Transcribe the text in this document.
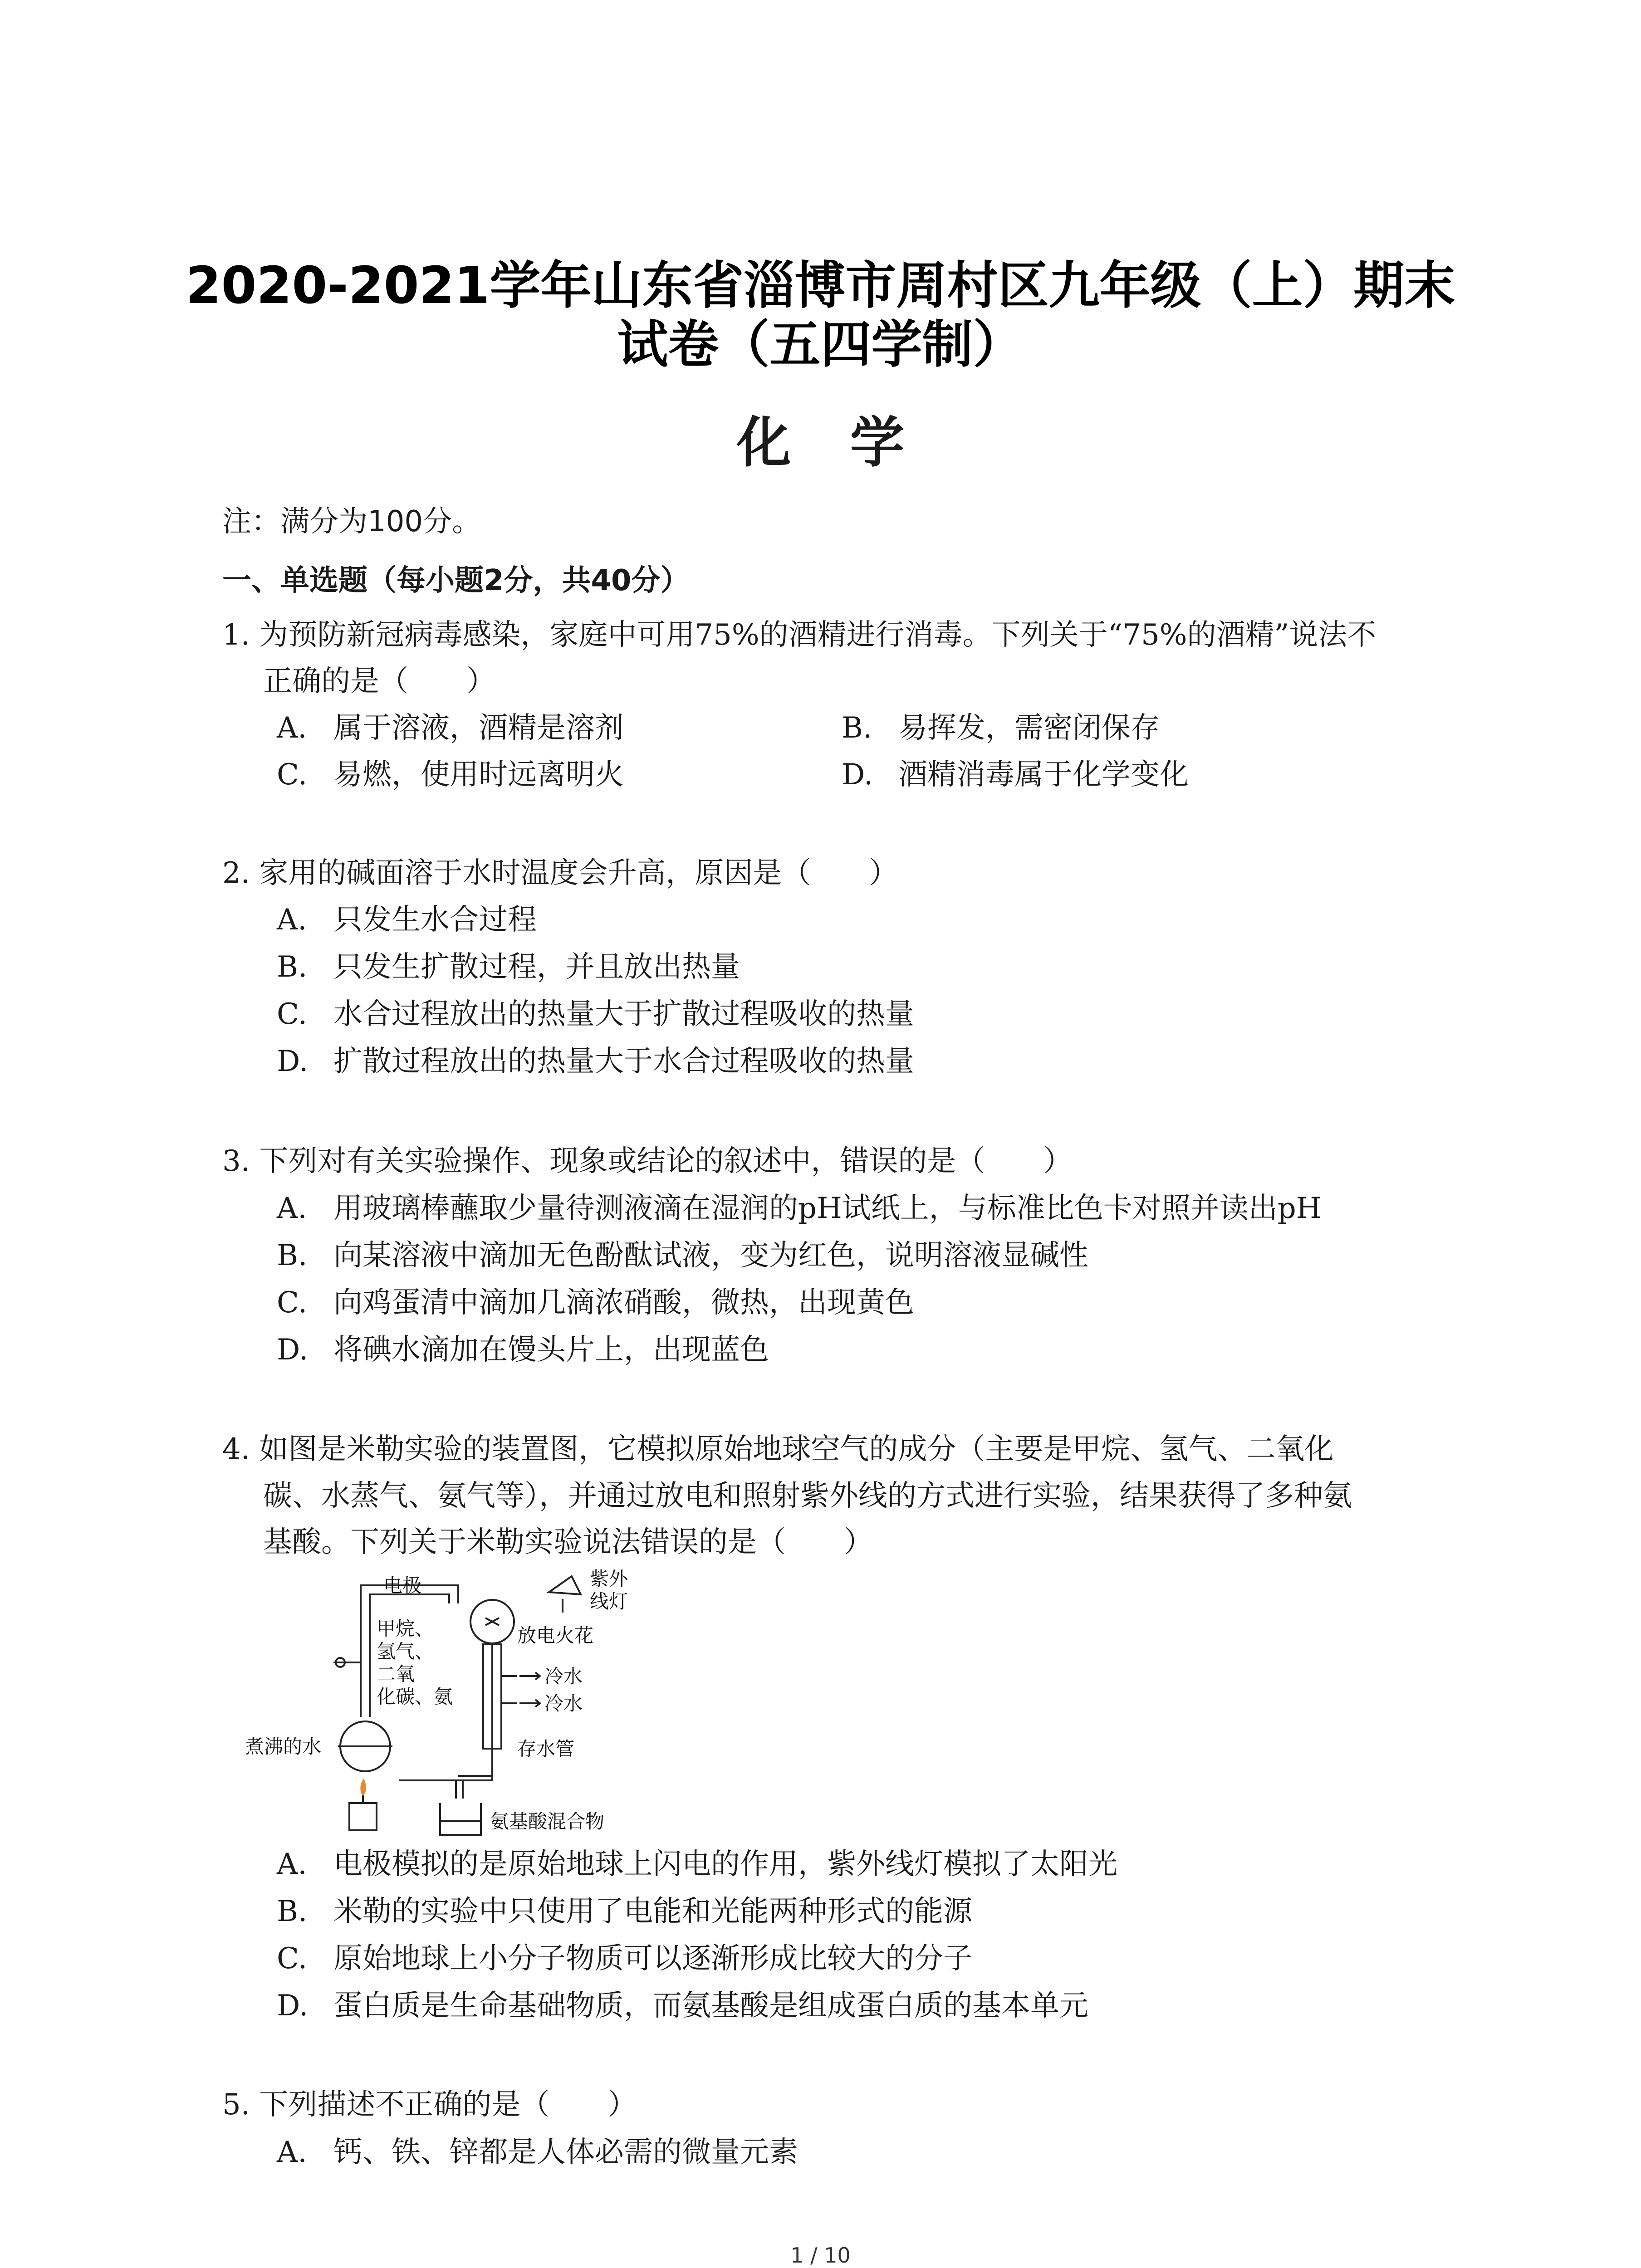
2020-2021学年山东省淄博市周村区九年级（上）期末
试卷（五四学制）
化学
注：满分为100分。
一、单选题（每小题2分，共40分）
1. 为预防新冠病毒感染，家庭中可用75%的酒精进行消毒。下列关于“75%的酒精”说法不
正确的是（　　）
A. 属于溶液，酒精是溶剂	B. 易挥发，需密闭保存
C. 易燃，使用时远离明火	D. 酒精消毒属于化学变化
2. 家用的碱面溶于水时温度会升高，原因是（　　）
A. 只发生水合过程
B. 只发生扩散过程，并且放出热量
C. 水合过程放出的热量大于扩散过程吸收的热量
D. 扩散过程放出的热量大于水合过程吸收的热量
3. 下列对有关实验操作、现象或结论的叙述中，错误的是（　　）
A. 用玻璃棒蘸取少量待测液滴在湿润的pH试纸上，与标准比色卡对照并读出pH
B. 向某溶液中滴加无色酚酞试液，变为红色，说明溶液显碱性
C. 向鸡蛋清中滴加几滴浓硝酸，微热，出现黄色
D. 将碘水滴加在馒头片上，出现蓝色
4. 如图是米勒实验的装置图，它模拟原始地球空气的成分（主要是甲烷、氢气、二氧化
碳、水蒸气、氨气等），并通过放电和照射紫外线的方式进行实验，结果获得了多种氨
基酸。下列关于米勒实验说法错误的是（　　）
电极	紫外
线灯
放电火花
甲烷、
氢气、
二氧
化碳、氨
冷水
冷水
煮沸的水	存水管
氨基酸混合物
A. 电极模拟的是原始地球上闪电的作用，紫外线灯模拟了太阳光
B. 米勒的实验中只使用了电能和光能两种形式的能源
C. 原始地球上小分子物质可以逐渐形成比较大的分子
D. 蛋白质是生命基础物质，而氨基酸是组成蛋白质的基本单元
5. 下列描述不正确的是（　　）
A. 钙、铁、锌都是人体必需的微量元素
1 / 10
